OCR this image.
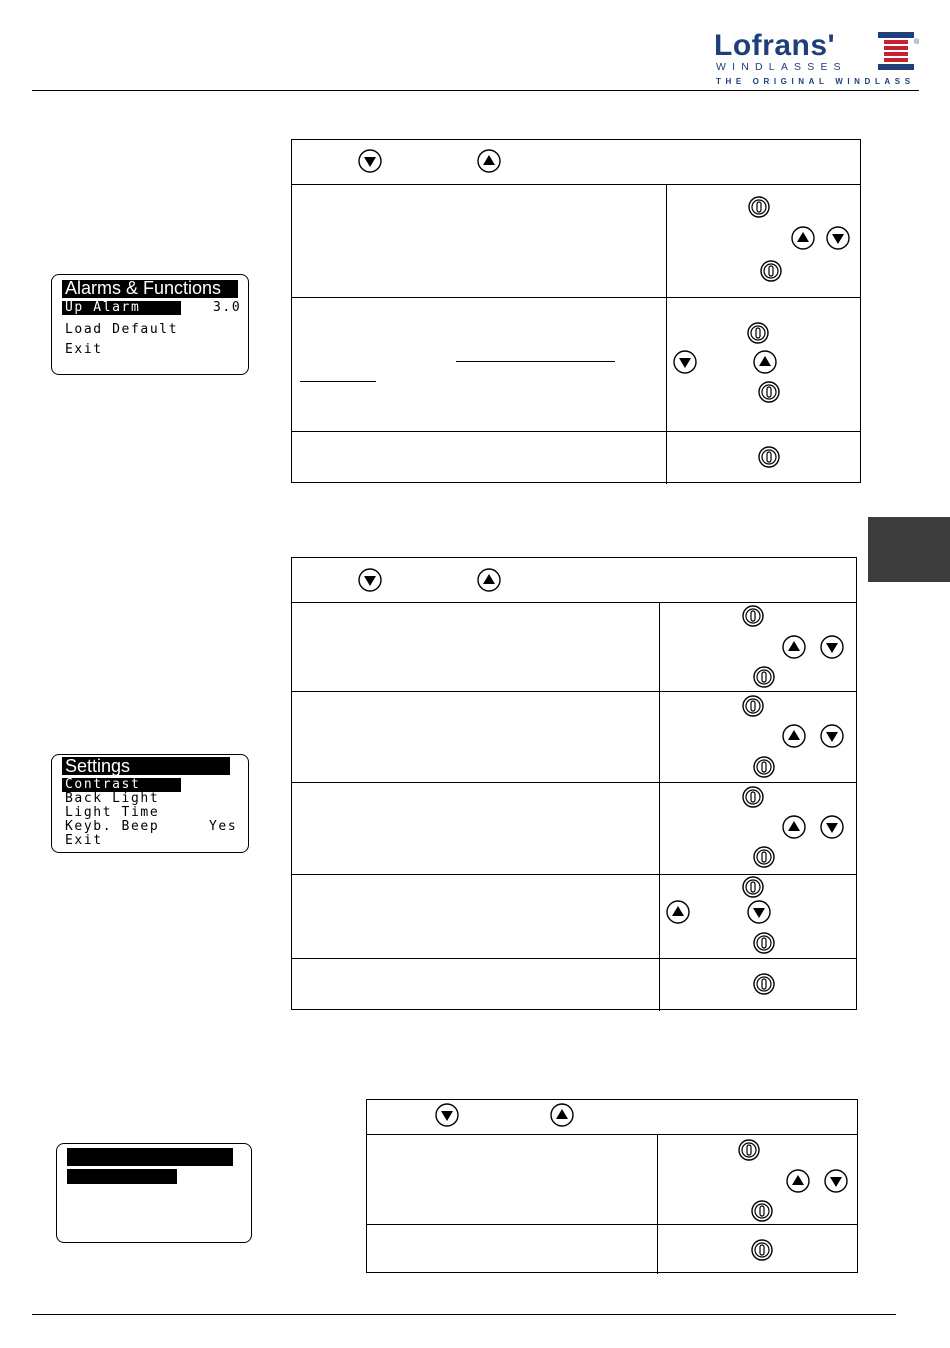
Lofrans'
WINDLASSES
THE ORIGINAL WINDLASS
®
Alarms & Functions
Up Alarm	3.0
Load Default
Exit
Settings
Contrast
Back Light
Light Time
Keyb. Beep	Yes
Exit
